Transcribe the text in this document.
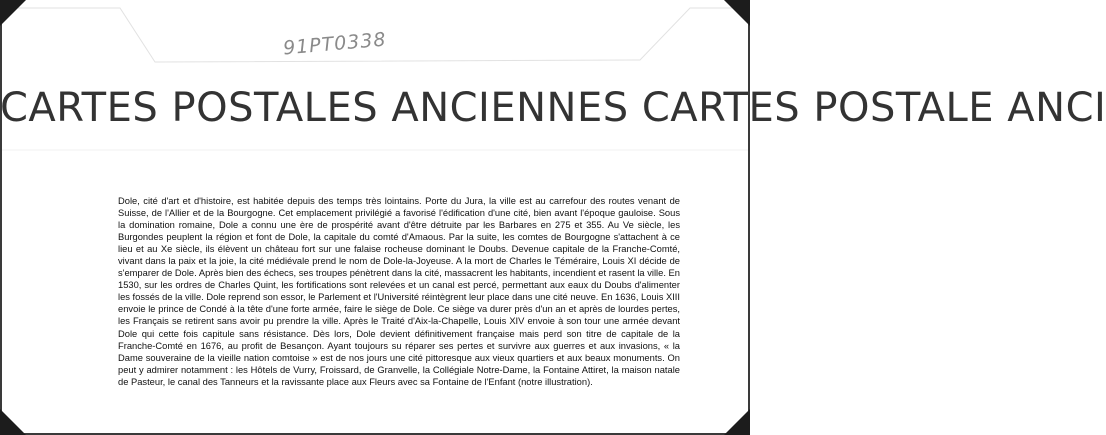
91PT0338
CARTES POSTALES ANCIENNES CARTES POSTALE ANCI

Dole, cité d'art et d'histoire, est habitée depuis des temps très lointains. Porte du Jura, la ville est au carrefour des routes venant de Suisse, de l'Allier et de la Bourgogne. Cet emplacement privilégié a favorisé l'édification d'une cité, bien avant l'époque gauloise. Sous la domination romaine, Dole a connu une ère de prospérité avant d'être détruite par les Barbares en 275 et 355. Au Ve siècle, les Burgondes peuplent la région et font de Dole, la capitale du comté d'Amaous. Par la suite, les comtes de Bourgogne s'attachent à ce lieu et au Xe siècle, ils élèvent un château fort sur une falaise rocheuse dominant le Doubs. Devenue capitale de la Franche-Comté, vivant dans la paix et la joie, la cité médiévale prend le nom de Dole-la-Joyeuse. A la mort de Charles le Téméraire, Louis XI décide de s'emparer de Dole. Après bien des échecs, ses troupes pénètrent dans la cité, massacrent les habitants, incendient et rasent la ville. En 1530, sur les ordres de Charles Quint, les fortifications sont relevées et un canal est percé, permettant aux eaux du Doubs d'alimenter les fossés de la ville. Dole reprend son essor, le Parlement et l'Université réintègrent leur place dans une cité neuve. En 1636, Louis XIII envoie le prince de Condé à la tête d'une forte armée, faire le siège de Dole. Ce siège va durer près d'un an et après de lourdes pertes, les Français se retirent sans avoir pu prendre la ville. Après le Traité d'Aix-la-Chapelle, Louis XIV envoie à son tour une armée devant Dole qui cette fois capitule sans résistance. Dès lors, Dole devient définitivement française mais perd son titre de capitale de la Franche-Comté en 1676, au profit de Besançon. Ayant toujours su réparer ses pertes et survivre aux guerres et aux invasions, « la Dame souveraine de la vieille nation comtoise » est de nos jours une cité pittoresque aux vieux quartiers et aux beaux monuments. On peut y admirer notamment : les Hôtels de Vurry, Froissard, de Granvelle, la Collégiale Notre-Dame, la Fontaine Attiret, la maison natale de Pasteur, le canal des Tanneurs et la ravissante place aux Fleurs avec sa Fontaine de l'Enfant (notre illustration).
